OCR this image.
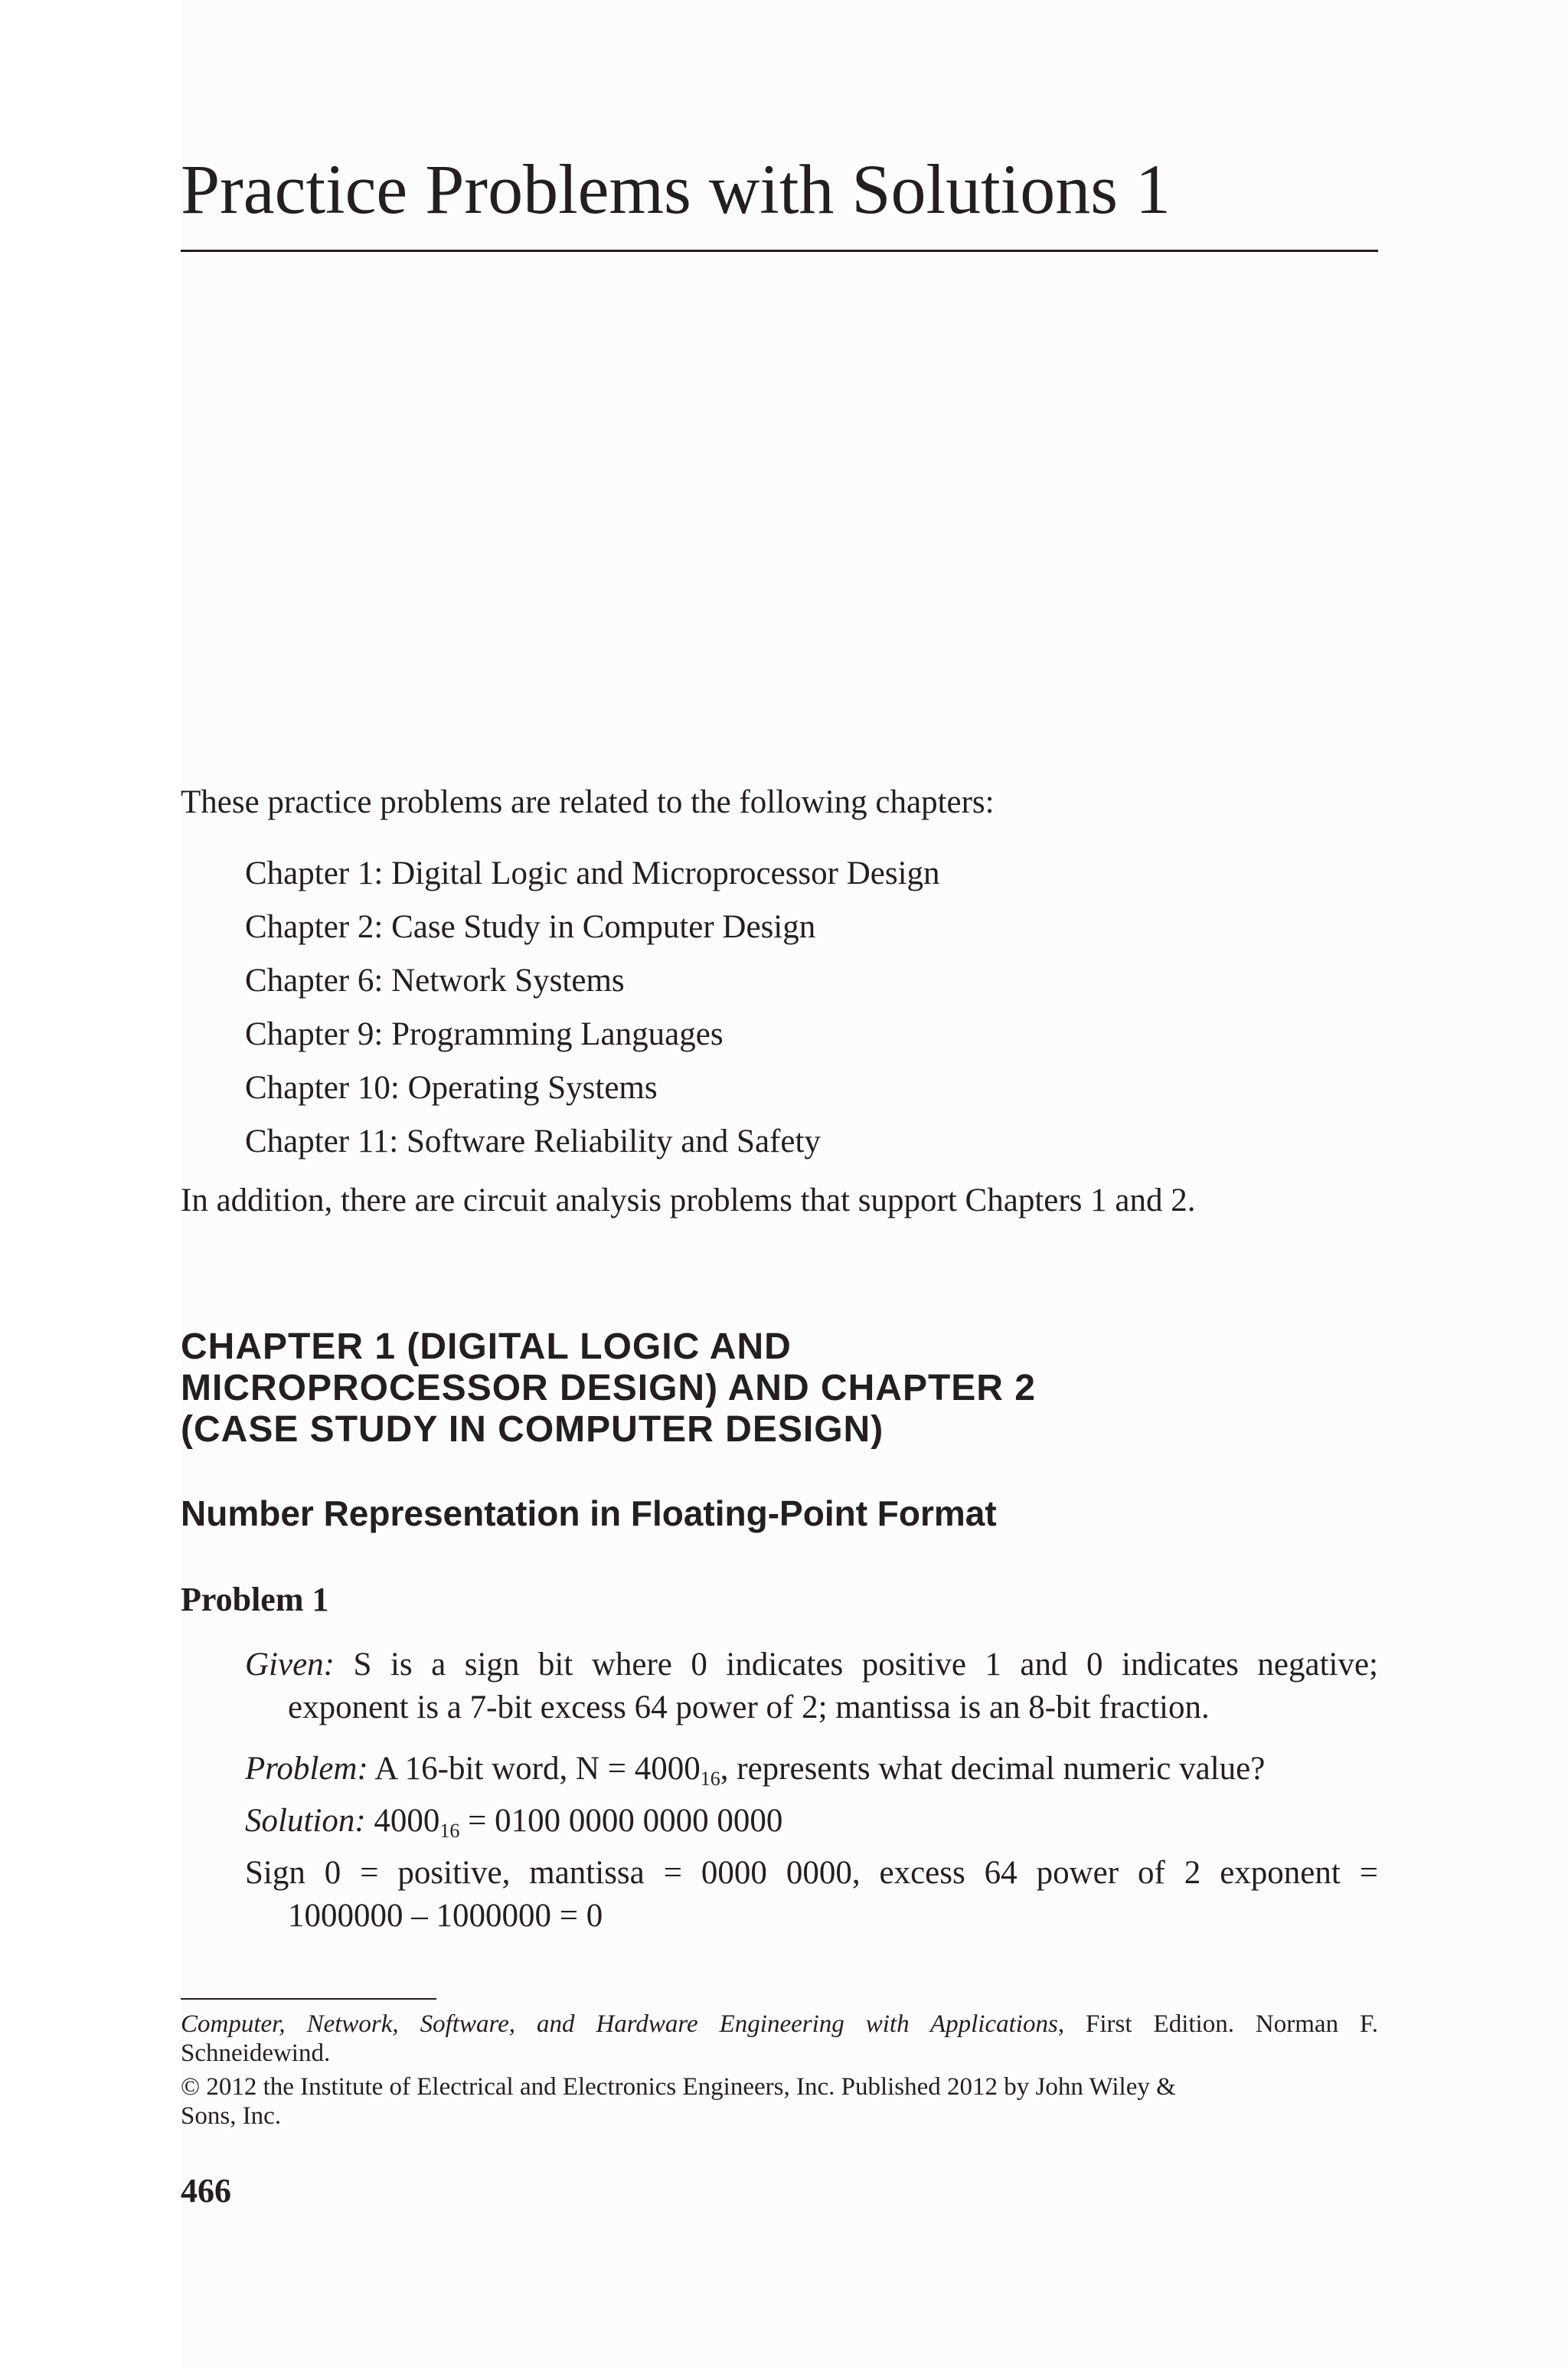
Practice Problems with Solutions 1

These practice problems are related to the following chapters:

Chapter 1: Digital Logic and Microprocessor Design
Chapter 2: Case Study in Computer Design
Chapter 6: Network Systems
Chapter 9: Programming Languages
Chapter 10: Operating Systems
Chapter 11: Software Reliability and Safety

In addition, there are circuit analysis problems that support Chapters 1 and 2.

CHAPTER 1 (DIGITAL LOGIC AND
MICROPROCESSOR DESIGN) AND CHAPTER 2
(CASE STUDY IN COMPUTER DESIGN)
Number Representation in Floating-Point Format
Problem 1
Given: S is a sign bit where 0 indicates positive 1 and 0 indicates negative;
exponent is a 7-bit excess 64 power of 2; mantissa is an 8-bit fraction.
Problem: A 16-bit word, $N = 4000_{16}$, represents what decimal numeric value?
Solution: $4000_{16} = 0100$ 0000 0000 0000
Sign 0 = positive, mantissa = 0000 0000, excess 64 power of 2 exponent =
1000000 – 1000000 = 0
Computer, Network, Software, and Hardware Engineering with Applications, First Edition. Norman F.
Schneidewind.
© 2012 the Institute of Electrical and Electronics Engineers, Inc. Published 2012 by John Wiley &
Sons, Inc.

466
